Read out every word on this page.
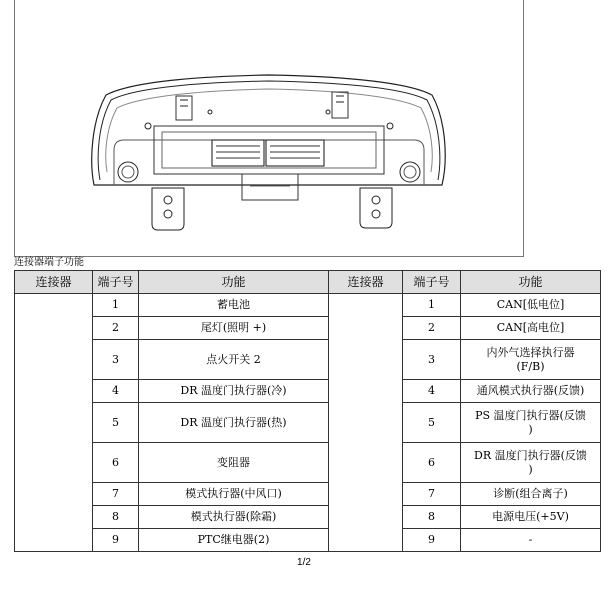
连接器端子功能
连接器	端子号	功能	连接器	端子号	功能
	1	蓄电池		1	CAN[低电位]
	2	尾灯(照明 +)		2	CAN[高电位]
	3	点火开关 2		3	内外气选择执行器
(F/B)
	4	DR 温度门执行器(冷)		4	通风模式执行器(反馈)
	5	DR 温度门执行器(热)		5	PS 温度门执行器(反馈
)
	6	变阻器		6	DR 温度门执行器(反馈
)
	7	模式执行器(中风口)		7	诊断(组合离子)
	8	模式执行器(除霜)		8	电源电压(+5V)
	9	PTC继电器(2)		9	-
1/2
